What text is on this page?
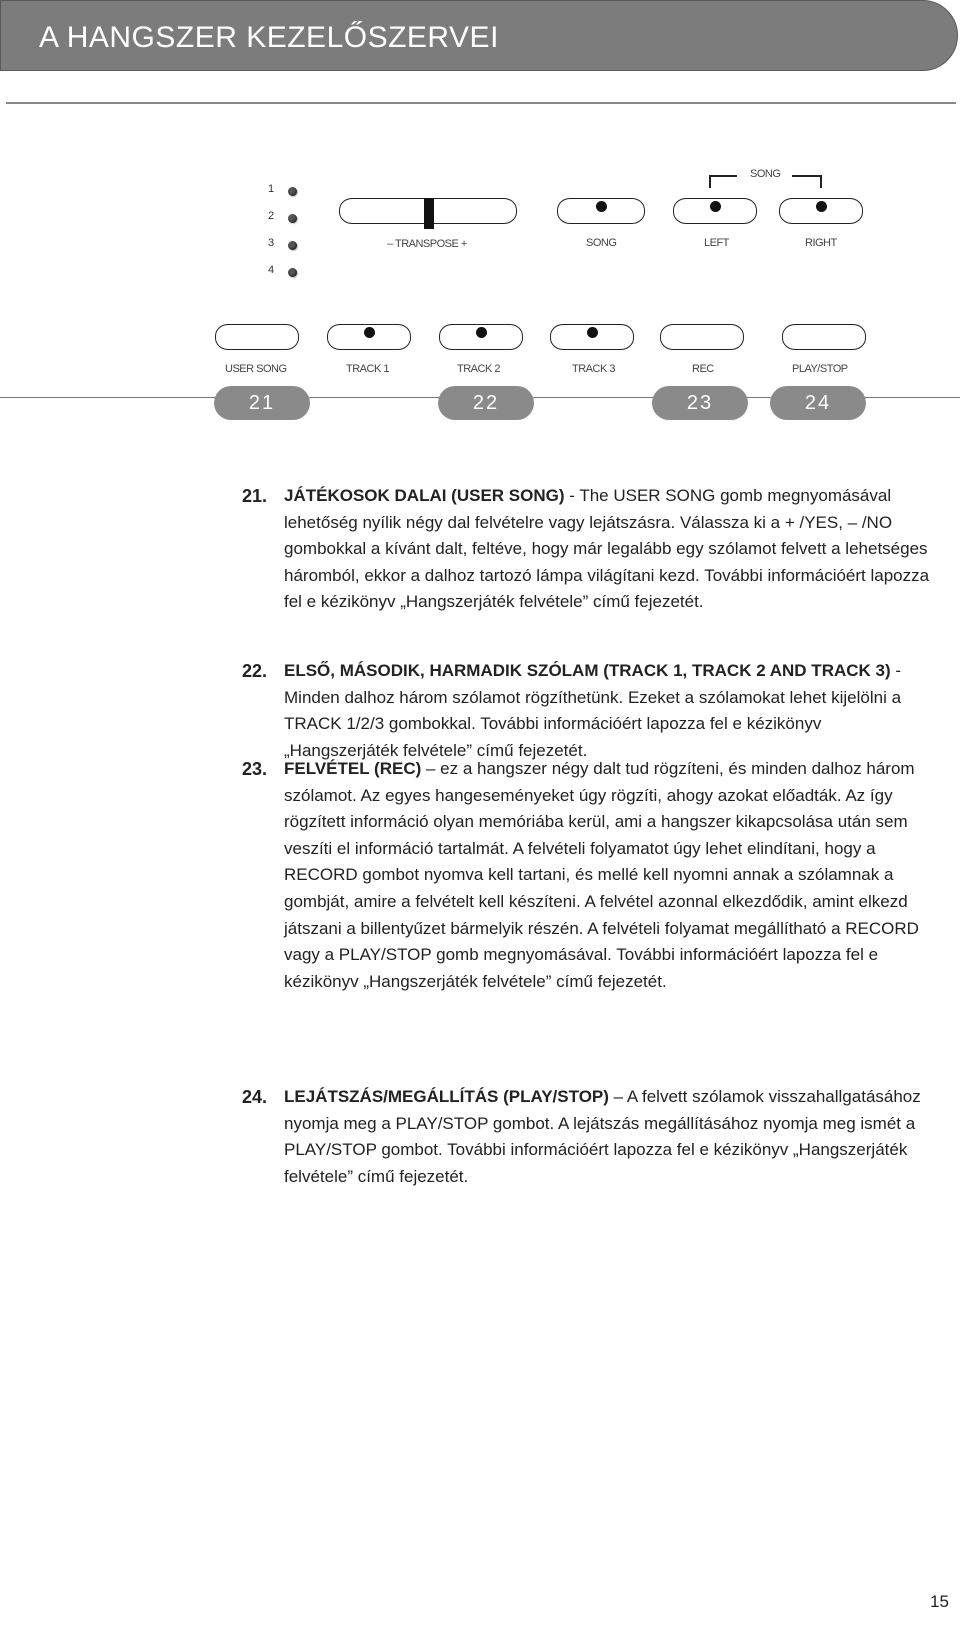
A HANGSZER KEZELŐSZERVEI
1
2
3
4
– TRANSPOSE +	SONG
SONG
LEFT	RIGHT
USER SONG	TRACK 1	TRACK 2	TRACK 3	REC	PLAY/STOP
21	22	23	24
21. JÁTÉKOSOK DALAI (USER SONG) - The USER SONG gomb megnyomásával lehetőség nyílik négy dal felvételre vagy lejátszásra. Válassza ki a + /YES, – /NO gombokkal a kívánt dalt, feltéve, hogy már legalább egy szólamot felvett a lehetséges háromból, ekkor a dalhoz tartozó lámpa világítani kezd. További információért lapozza fel e kézikönyv „Hangszerjáték felvétele” című fejezetét.
22. ELSŐ, MÁSODIK, HARMADIK SZÓLAM (TRACK 1, TRACK 2 AND TRACK 3) - Minden dalhoz három szólamot rögzíthetünk. Ezeket a szólamokat lehet kijelölni a TRACK 1/2/3 gombokkal. További információért lapozza fel e kézikönyv „Hangszerjáték felvétele” című fejezetét.
23. FELVÉTEL (REC) – ez a hangszer négy dalt tud rögzíteni, és minden dalhoz három szólamot. Az egyes hangeseményeket úgy rögzíti, ahogy azokat előadták. Az így rögzített információ olyan memóriába kerül, ami a hangszer kikapcsolása után sem veszíti el információ tartalmát. A felvételi folyamatot úgy lehet elindítani, hogy a RECORD gombot nyomva kell tartani, és mellé kell nyomni annak a szólamnak a gombját, amire a felvételt kell készíteni. A felvétel azonnal elkezdődik, amint elkezd játszani a billentyűzet bármelyik részén. A felvételi folyamat megállítható a RECORD vagy a PLAY/STOP gomb megnyomásával. További információért lapozza fel e kézikönyv „Hangszerjáték felvétele” című fejezetét.
24. LEJÁTSZÁS/MEGÁLLÍTÁS (PLAY/STOP) – A felvett szólamok visszahallgatásához nyomja meg a PLAY/STOP gombot. A lejátszás megállításához nyomja meg ismét a PLAY/STOP gombot. További információért lapozza fel e kézikönyv „Hangszerjáték felvétele” című fejezetét.
15
